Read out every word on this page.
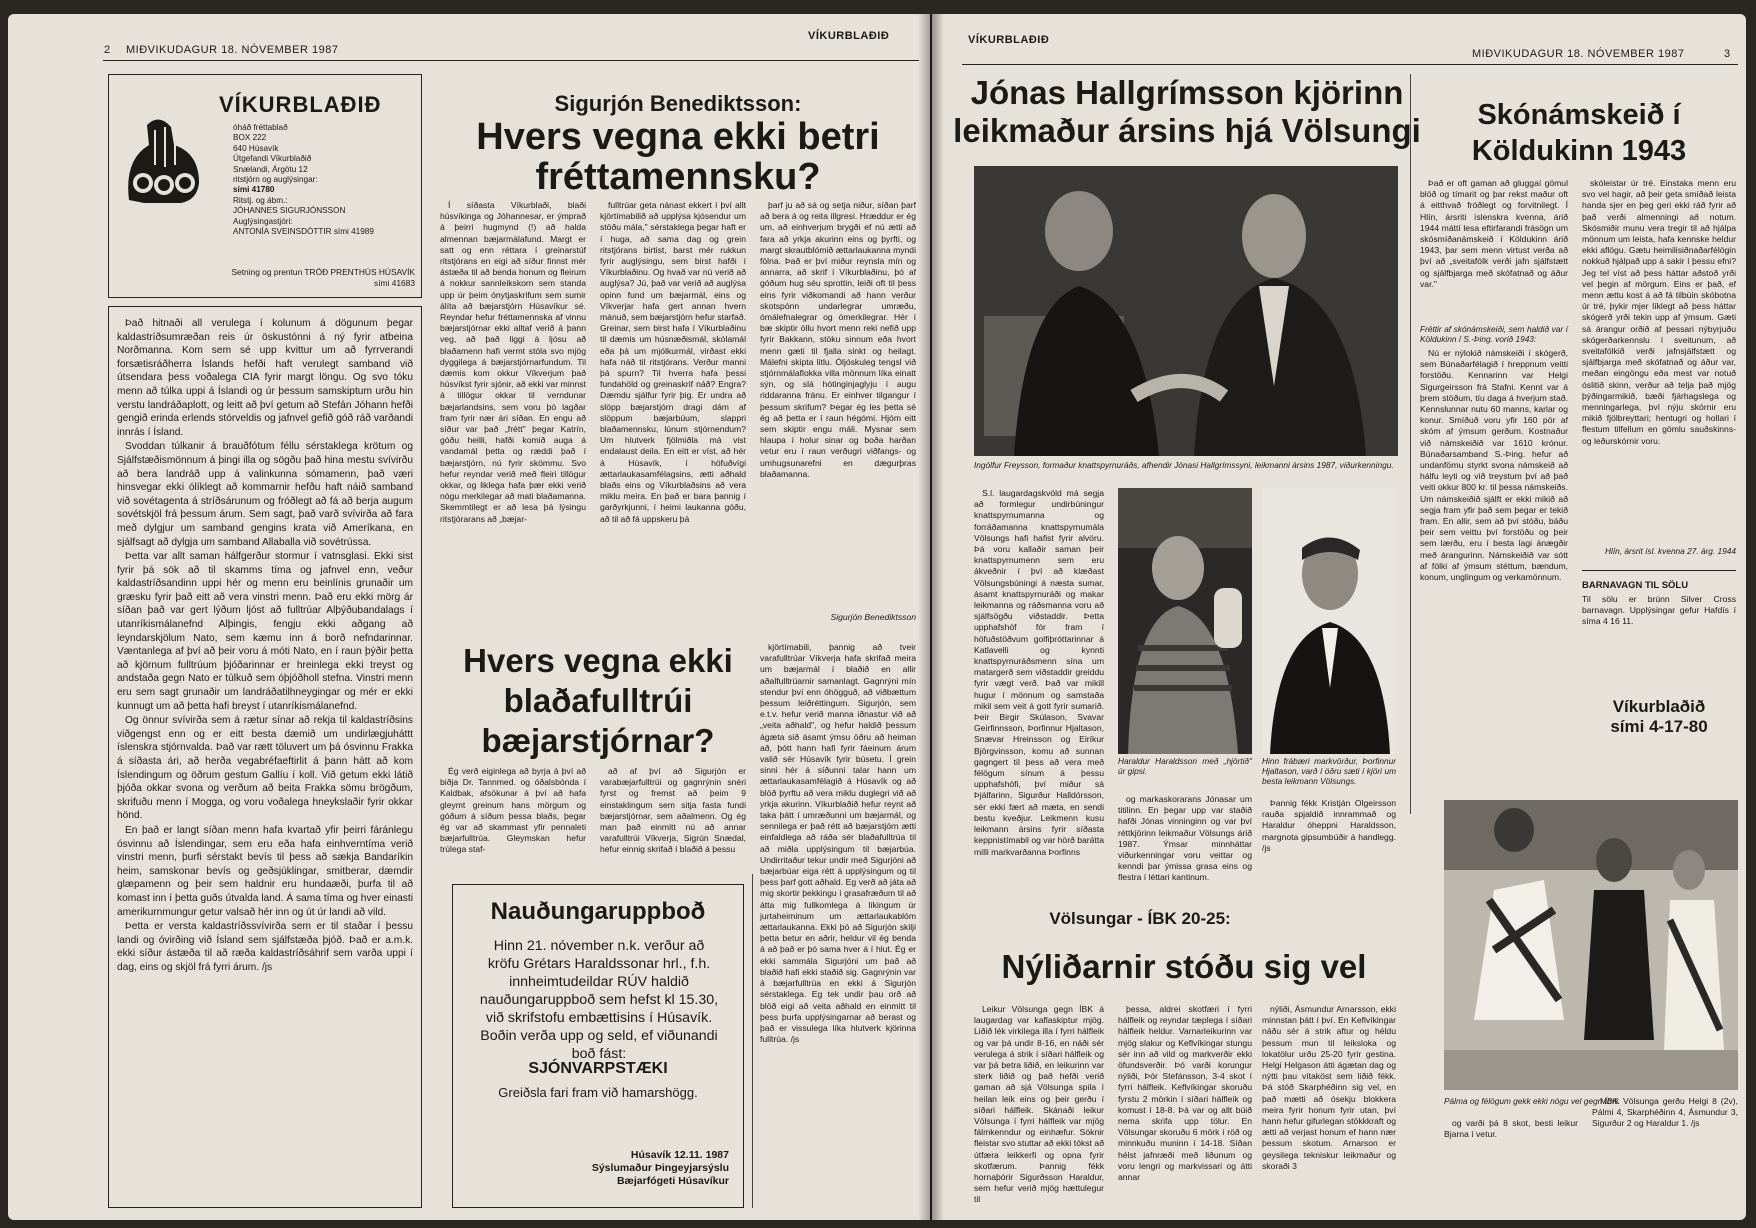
2 MIÐVIKUDAGUR 18. NÓVEMBER 1987
VÍKURBLAÐIÐ
VÍKURBLAÐIÐ
óháð fréttablað
BOX 222
640 Húsavík
Útgefandi Víkurblaðið
Snælandi, Árgötu 12
ritstjórn og auglýsingar:
sími 41780
Ritstj. og ábm.:
JÓHANNES SIGURJÓNSSON
Auglýsingastjóri:
ANTONÍA SVEINSDÓTTIR sími 41989
Setning og prentun TRÖÐ PRENTHÚS HÚSAVÍK
sími 41683

Það hitnaði all verulega í kolunum á dögunum þegar kaldastríðsumræðan reis úr öskustónni á ný fyrir atbeina Norðmanna. Kom sem sé upp kvittur um að fyrrverandi forsætisráðherra Íslands hefði haft verulegt samband við útsendara þess voðalega CIA fyrir margt löngu. Og svo tóku menn að túlka uppi á Íslandi og úr þessum samskiptum urðu hin verstu landráðaplott, og leitt að því getum að Stefán Jóhann hefði gengið erinda erlends stórveldis og jafnvel gefið góð ráð varðandi innrás í Ísland.

Svoddan túlkanir á brauðfótum féllu sérstaklega krötum og Sjálfstæðismönnum á þingi illa og sögðu það hina mestu svívirðu að bera landráð upp á valinkunna sómamenn, það væri hinsvegar ekki ólíklegt að kommarnir hefðu haft náið samband við sovétagenta á stríðsárunum og fróðlegt að fá að berja augum sovétskjöl frá þessum árum. Sem sagt, það varð svívirða að fara með dylgjur um samband gengins krata við Ameríkana, en sjálfsagt að dylgja um samband Allaballa við sovétrússa.

Þetta var allt saman hálfgerður stormur í vatnsglasi. Ekki sist fyrir þá sök að til skamms tíma og jafnvel enn, veður kaldastríðsandinn uppi hér og menn eru beinlínis grunaðir um græsku fyrir það eitt að vera vinstri menn. Það eru ekki mörg ár síðan það var gert lýðum ljóst að fulltrúar Alþýðubandalags í utanríkismálanefnd Alþingis, fengju ekki aðgang að leyndarskjölum Nato, sem kæmu inn á borð nefndarinnar. Væntanlega af því að þeir voru á móti Nato, en í raun þýðir þetta að kjörnum fulltrúum þjóðarinnar er hreinlega ekki treyst og andstaða gegn Nato er túlkuð sem óþjóðholl stefna. Vinstri menn eru sem sagt grunaðir um landráðatilhneygingar og mér er ekki kunnugt um að þetta hafi breyst í utanríkismálanefnd.

Og önnur svívirða sem á rætur sínar að rekja til kaldastríðsins viðgengst enn og er eitt besta dæmið um undirlægjuháttt íslenskra stjórnvalda. Það var rætt töluvert um þá ósvinnu Frakka á síðasta ári, að herða vegabréfaeftirlit á þann hátt að kom Íslendingum og öðrum gestum Gallíu í koll. Við getum ekki látið þjóða okkar svona og verðum að beita Frakka sömu brögðum, skrifuðu menn í Mogga, og voru voðalega hneykslaðir fyrir okkar hönd.

En það er langt síðan menn hafa kvartað yfir þeirri fáránlegu ósvinnu að Íslendingar, sem eru eða hafa einhverntíma verið vinstri menn, þurfi sérstakt bevís til þess að sækja Bandaríkin heim, samskonar bevís og geðsjúklingar, smitberar, dæmdir glæpamenn og þeir sem haldnir eru hundaæði, þurfa til að komast inn í þetta guðs útvalda land. Á sama tíma og hver einasti amerikurnmungur getur valsað hér inn og út úr landi að vild.

Þetta er versta kaldastríðssvívirða sem er til staðar í þessu landi og óvirðing við Ísland sem sjálfstæða þjóð. Það er a.m.k. ekki síður ástæða til að ræða kaldastríðsáhrif sem varða uppi í dag, eins og skjöl frá fyrri árum. /js

Sigurjón Benediktsson:
Hvers vegna ekki betri
fréttamennsku?

Í síðasta Víkurblaði, blaði húsvíkinga og Jóhannesar, er ýmprað á þeirri hugmynd (!) að halda almennan bæjarmálafund. Margt er satt og enn réttara í greinarstúf ritstjórans en eigi að síður finnst mér ástæða til að benda honum og fleirum á nokkur sannleikskorn sem standa upp úr þeim ónytjaskrifum sem sumir álíta að bæjarstjórn Húsavíkur sé. Reyndar hefur fréttamennska af vinnu bæjarstjórnar ekki alltaf verið á þann veg, að það liggi á ljósu að blaðamenn hafi vermt stóla svo mjög dyggilega á bæjarstjórnarfundum. Til dæmis kom okkur Víkverjum það húsvíkst fyrir sjónir, að ekki var minnst á tillögur okkar til verndunar bæjarlandsins, sem voru þó lagðar fram fyrir nær ári síðan. En engu að síður var það „frétt" þegar Katrín, góðu heilli, hafði komið auga á vandamál þetta og ræddi það í bæjarstjórn, nú fyrir skömmu. Svo hefur reyndar verið með fleiri tillögur okkar, og liklega hafa þær ekki verið nógu merkilegar að mati blaðamanna. Skemmtilegt er að lesa þá lýsingu ritstjórarans að „bæjar-

fulltrúar geta nánast ekkert í því allt kjörtímabilið að upplýsa kjósendur um stöðu mála," sérstaklega þegar haft er í huga, að sama dag og grein ritstjórans birtist, barst mér rukkun fyrir auglýsingu, sem birst hafði í Víkurblaðinu. Og hvað var nú verið að auglýsa? Jú, það var verið að auglýsa opinn fund um bæjarmál, eins og Víkverjar hafa gert annan hvern mánuð, sem bæjarstjórn hefur starfað. Greinar, sem birst hafa í Víkurblaðinu til dæmis um húsnæðismál, skólamál eða þá um mjólkurmál, virðast ekki hafa náð til ritstjórans. Verður manni þá spurn? Til hverra hafa þessi fundahöld og greinaskrif náð? Engra? Dæmdu sjálfur fyrir þig. Er undra að slöpp bæjarstjórn dragi dám af slöppum bæjarbúum, slappri blaðamennsku, lúnum stjórnendum? Um hlutverk fjölmiðla má vist endalaust deila. En eitt er víst, að hér á Húsavík, í höfuðvígi ættarlaukasamfélagsins, ætti aðhald blaðs eins og Víkurblaðsins að vera miklu meira. En það er bara þannig í garðyrkjunni, í heimi laukanna góðu, að til að fá uppskeru þá

þarf ju að sá og setja niður, síðan þarf að bera á og reita illgresi. Hræddur er ég um, að einhverjum brygði ef nú ætti að fara að yrkja akurinn eins og þyrfti, og margt skrautblómið ættarlaukanna myndi fölna. Það er því miður reynsla mín og annarra, að skrif í Víkurblaðinu, þó af góðum hug séu sprottin, leiði oft til þess eins fyrir viðkomandi að hann verður skotspónn undarlegrar umræðu, ómálefnalegrar og ómerkilegrar. Hér í bæ skiptir öllu hvort menn reki nefið upp fyrir Bakkann, stöku sinnum eða hvort menn gæti til fjalla sinkt og heilagt. Málefni skipta litlu. Óljóskuleg tengsl við stjórnmálaflokka villa mönnum líka einatt sýn, og slá hótinginjaglyju í augu riddaranna fránu. Er einhver tilgangur í þessum skrifum? Þegar ég les þetta sé ég að þetta er í raun hégómi. Hjóm eitt sem skiptir engu máli. Mysnar sem hlaupa í holur sinar og boða harðan vetur eru í raun verðugri viðfangs- og umhugsunarefni en dægurþras blaðamanna.

Sigurjón Benediktsson
Hvers vegna ekki
blaðafulltrúi
bæjarstjórnar?

Ég verð eiginlega að byrja á því að biðja Dr. Tannmed. og óðalsbónda í Kaldbak, afsökunar á því að hafa gleymt greinum hans mörgum og góðum á síðum þessa blaðs, þegar ég var að skammast yfir pennaleti bæjarfulltrúa. Gleymskan hefur trúlega staf-

að af því að Sigurjón er varabæjarfulltrúi og gagnrýnin snéri fyrst og fremst að þeim 9 einstaklingum sem sitja fasta fundi bæjarstjórnar, sem aðalmenn. Og ég man það einmitt nú að annar varafulltrúi Víkverja, Sigrún Snædal, hefur einnig skrifað í blaðið á þessu

kjörtímabili, þannig að tveir varafulltrúar Víkverja hafa skrifað meira um bæjarmál í blaðið en allir aðalfulltrúarnir samanlagt. Gagnrýni mín stendur því enn óhögguð, að viðbættum þessum leiðréttingum. Sigurjón, sem e.t.v. hefur verið manna iðnastur við að „veita aðhald", og hefur haldið þessum ágæta sið ásamt ýmsu öðru að heiman að, þótt hann hafi fyrir fáeinum árum valið sér Húsavík fyrir búsetu. Í grein sinni hér á síðunni talar hann um ættarlaukasamfélagið á Húsavík og að blöð þyrftu að vera miklu duglegri við að yrkja akurinn. Víkurblaðið hefur reynt að taka þátt í umræðunni um bæjarmál, og sennilega er það rétt að bæjarstjórn ætti einfaldlega að ráða sér blaðafulltrúa til að miðla upplýsingum til bæjarbúa. Undirritaður tekur undir með Sigurjóni að bæjarbúar eiga rétt á upplýsingum og til þess þarf gott aðhald. Eg verð að játa að mig skortir þekkingu í grasafræðum til að átta mig fullkomlega á líkingum úr jurtaheiminum um ættarlaukablóm ættarlaukanna. Ekki þó að Sigurjón skilji þetta betur en aðrir, heldur vil ég benda á að það er þó sama hver á í hlut. Ég er ekki sammála Sigurjóni um það að blaðið hafi ekki staðið sig. Gagnrýnin var á bæjarfulltrúa en ekki á Sigurjón sérstaklega. Eg tek undir þau orð að blöð eigi að veita aðhald en einmitt til þess þurfa upplýsingarnar að berast og það er vissulega líka hlutverk kjörinna fulltrúa. /js

Nauðungaruppboð
Hinn 21. nóvember n.k. verður að kröfu Grétars Haraldssonar hrl., f.h. innheimtudeildar RÚV haldið nauðungaruppboð sem hefst kl 15.30, við skrifstofu embættisins í Húsavík. Boðin verða upp og seld, ef viðunandi boð fást:
SJÓNVARPSTÆKI
Greiðsla fari fram við hamarshögg.
Húsavík 12.11. 1987
Sýslumaður Þingeyjarsýslu
Bæjarfógeti Húsavíkur
VÍKURBLAÐIÐ
MIÐVIKUDAGUR 18. NÓVEMBER 1987	3
Jónas Hallgrímsson kjörinn
leikmaður ársins hjá Völsungi
Ingólfur Freysson, formaður knattspyrnuráðs, afhendir Jónasi Hallgrímssyni, leikmanni ársins 1987, viðurkenningu.

S.l. laugardagskvöld má segja að formlegur undirbúningur knattspyrnumanna og forráðamanna knattspyrnumála Völsungs hafi hafist fyrir alvöru. Þá voru kallaðir saman þeir knattspyrnumenn sem eru ákveðnir í því að klæðast Völsungsbúningi á næsta sumar, ásamt knattspyrnuráði og makar leikmanna og ráðsmanna voru að sjálfsögðu viðstaddir. Þetta upphafshóf fór fram í höfuðstöðvum golfiþróttarinnar á Katlavelli og kynnti knattspyrnuráðsmenn sína um matargerð sem viðstaddir greiddu fyrir vægt verð. Það var mikill hugur í mönnum og samstaða mikil sem veit á gott fyrir sumarið. Þeir Birgir Skúlason, Svavar Geirfinnsson, Þorfinnur Hjaltason, Snævar Hreinsson og Eiríkur Björgvinsson, komu að sunnan gagngert til þess að vera með félögum sínum á þessu upphafshófi, því miður sá Þjálfarinn, Sigurður Halldórsson, sér ekki fært að mæta, en sendi bestu kveðjur. Leikmenn kusu leikmann ársins fyrir síðasta keppnistímabil og var hörð barátta milli markvarðanna Þorfinns

Haraldur Haraldsson með „hjörtið" úr gipsi.
Hinn frábæri markvörður, Þorfinnur Hjaltason, varð í öðru sæti í kjöri um besta leikmann Völsungs.

og markaskorarans Jónasar um titilinn. En þegar upp var staðið hafði Jónas vinninginn og var því réttkjörinn leikmaður Völsungs árið 1987. Ýmsar minnháttar viðurkenningar voru veittar og kenndi þar ýmissa grasa eins og flestra í léttari kantinum.

Þannig fékk Kristján Olgeirsson rauða spjaldið innrammað og Haraldur óheppni Haraldsson, margnota gipsumbúðir á handlegg. /js

Skónámskeið í
Köldukinn 1943

Það er oft gaman að gluggaí gömul blöð og tímarit og þar rekst maður oft á eitthvað fróðlegt og forvitnilegt. Í Hlín, ársriti íslenskra kvenna, árið 1944 máttí lesa eftirfarandi frásögn um skósmíðanámskeið í Köldukinn árið 1943, þar sem menn virtust verða að því að „sveitafólk verði jafn sjálfstætt og sjálfbjarga með skófatnað og áður var."

Fréttir af skónámskeiði, sem haldið var í Köldukinn í S.-Þing. vorið 1943:

Nú er nýlokið námskeiði í skógerð, sem Búnaðarfélagið í hreppnum veitti forstöðu. Kennarinn var Helgi Sigurgeirsson frá Stafni. Kennt var á þrem stöðum, tíu daga á hverjum stað. Kennslunnar nutu 60 manns, karlar og konur. Smíðuð voru yfir 160 pör af skóm af ýmsum gerðum. Kostnaður við námskeiðið var 1610 krónur. Búnaðarsamband S.-Þing. hefur að undanförnu styrkt svona námskeið að hálfu leyti og við treystum því að það veiti okkur 800 kr. til þessa námskeiðs. Um námskeiðið sjálft er ekki mikið að segja fram yfir það sem þegar er tekið fram. En allir, sem að því stóðu, báðu þeir sem veittu því forstöðu og þeir sem lærðu, eru í besta lagi ánægðir með árangurinn. Námskeiðið var sótt af fólki af ýmsum stéttum, bændum, konum, unglingum og verkamönnum.

skóleistar úr tré. Einstaka menn eru svo vel hagir, að þeir geta smíðað leista handa sjer en þeg geri ekki ráð fyrir að það verði almenningi að notum. Skósmiðir munu vera tregir til að hjálpa mönnum um leista, hafa kennske heldur ekki aflögu. Gætu heimilisiðnaðarfélögin nokkuð hjálpað upp á sakir í þessu efni? Jeg tel víst að þess háttar aðstoð yrði vel þegin af mörgum. Eins er það, ef menn ættu kost á að fá tilbúin skóbotna úr tré, þykir mjer líklegt að þess háttar skógerð yrði tekin upp af ýmsum. Gæti sá árangur orðið af þessari nýbyrjuðu skógerðarkennslu í sveitunum, að sveitafólkið verði jafnsjálfstætt og sjálfbjarga með skófatnað og áður var, meðan eingöngu eða mest var notuð óslitið skinn, verður að telja það mjög þýðingarmikið, bæði fjárhagslega og menningarlega, því nýju skórnir eru mikið fjölbreyttari; hentugri og hollari í flestum tilfellum en gömlu sauðskinns- og leðurskórnir voru.

Hlín, ársrit ísl. kvenna 27. árg. 1944
BARNAVAGN TIL SÖLU

Til sölu er brúnn Silver Cross barnavagn. Upplýsingar gefur Hafdís í síma 4 16 11.

Víkurblaðið
sími 4-17-80
Völsungar - ÍBK 20-25:
Nýliðarnir stóðu sig vel

Leikur Völsunga gegn ÍBK á laugardag var kaflaskiptur mjög. Liðið lék virkilega illa í fyrri hálfleik og var þá undir 8-16, en náði sér verulega á strik í síðari hálfleik og var þá betra liðið, en leikurinn var sterk liðið og það hefði verið gaman að sjá Völsunga spila í heilan leik eins og þeir gerðu í síðari hálfleik. Skánaði leikur Völsunga í fyrri hálfleik var mjög fálmkenndur og einhæfur. Sóknir fleistar svo stuttar að ekki tókst að útfæra leikkerfi og opna fyrir skotfærum. Þannig fékk hornaþórir Sigurðsson Haraldur, sem hefur verið mjög hættulegur til

þessa, aldrei skotfæri í fyrri hálfleik og reyndar tæplega í síðari hálfleik heldur. Varnarleikurinn var mjög slakur og Keflvíkingar stungu sér inn að vild og markverðir ekki öfundsverðir. Þó varði korungur nýliði, Þór Stefánsson, 3-4 skot í fyrri hálfleik. Keflvíkingar skoruðu fyrstu 2 mörkin í síðari hálfleik og komust í 18-8. Þá var og allt búið nema skrifa upp tölur. En Völsungar skoruðu 6 mörk í röð og minnkuðu muninn í 14-18. Síðan hélst jafnræði með liðunum og voru lengri og markvissari og átti annar

nýliði, Ásmundur Arnarsson, ekki minnstan þátt í því. En Keflvíkingar náðu sér á strik aftur og héldu þessum mun til leiksloka og lokatölur urðu 25-20 fyrir gestina. Helgi Helgason átti ágætan dag og nýtti þau vítaköst sem liðið fékk. Þá stóð Skarphéðinn sig vel, en það mætti að ósekju blokkera meira fyrir honum fyrir utan, því hann hefur gifurlegan stökkkraft og ætti að verjast honum ef hann nær þessum skotum. Arnarson er geysilega tekniskur leikmaður og skoraði 3

Pálma og félögum gekk ekki nógu vel gegn ÍBK.

og varði þá 8 skot, besti leikur Bjarna í vetur.

Mörk Völsunga gerðu Helgi 8 (2v), Pálmi 4, Skarphéðinn 4, Ásmundur 3, Sigurður 2 og Haraldur 1. /js
